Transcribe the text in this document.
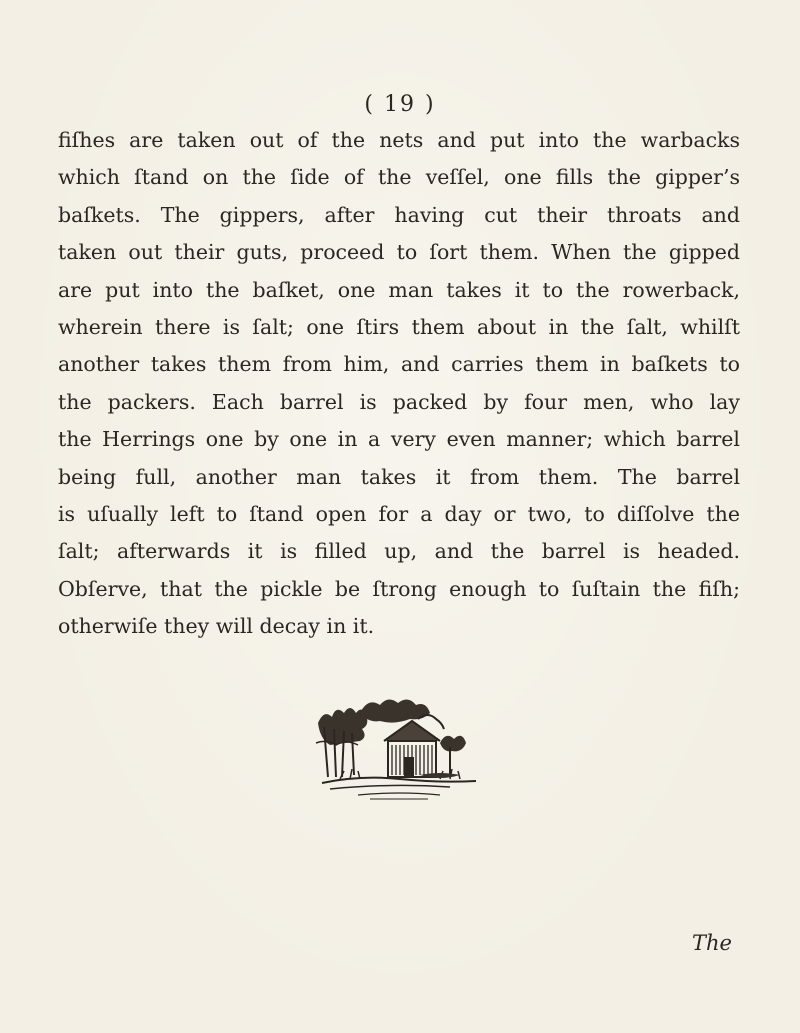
( 19 )
fiſhes are taken out of the nets and put into the warbacks
which ſtand on the ſide of the veſſel, one fills the gipper’s
baſkets. The gippers, after having cut their throats and
taken out their guts, proceed to ſort them. When the gipped
are put into the baſket, one man takes it to the rowerback,
wherein there is ſalt; one ſtirs them about in the ſalt, whilſt
another takes them from him, and carries them in baſkets to
the packers. Each barrel is packed by four men, who lay
the Herrings one by one in a very even manner; which barrel
being full, another man takes it from them. The barrel
is uſually left to ſtand open for a day or two, to diſſolve the
ſalt; afterwards it is filled up, and the barrel is headed.
Obſerve, that the pickle be ſtrong enough to ſuſtain the fiſh;
otherwiſe they will decay in it.
The
